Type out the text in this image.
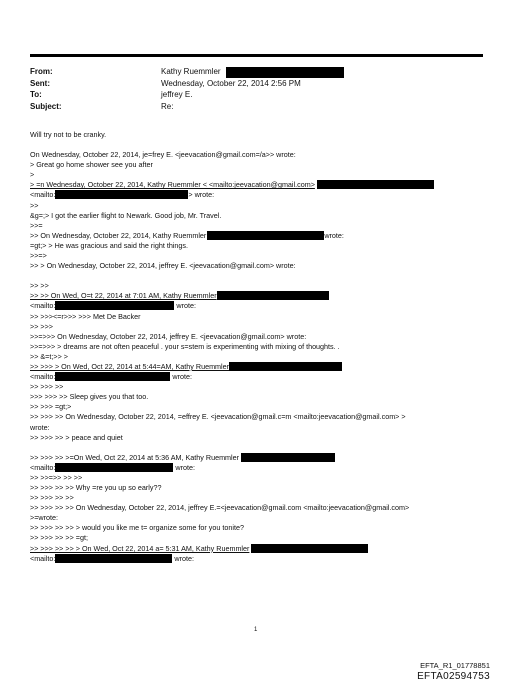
From:	Kathy Ruemmler
Sent:	Wednesday, October 22, 2014 2:56 PM
To:	jeffrey E.
Subject:	Re:
Will try not to be cranky.
On Wednesday, October 22, 2014, je=frey E. <jeevacation@gmail.com=/a>> wrote:
> Great go home shower see you after
>
> =n Wednesday, October 22, 2014, Kathy Ruemmler < <mailto:jeevacation@gmail.com>
<mailto:	> wrote:
>>
&g=;> I got the earlier flight to Newark. Good job, Mr. Travel.
>>=
>> On Wednesday, October 22, 2014, Kathy Ruemmler	wrote:
=gt;> > He was gracious and said the right things.
>>=>
>> > On Wednesday, October 22, 2014, jeffrey E. <jeevacation@gmail.com> wrote:
>> >>
>> >> On Wed, O=t 22, 2014 at 7:01 AM, Kathy Ruemmler
<mailto:	wrote:
>> >>><=r>>> >>> Met De Backer
>> >>>
>>=>>> On Wednesday, October 22, 2014, jeffrey E. <jeevacation@gmail.com> wrote:
>>=>>> > dreams are not often peaceful . your s=stem is experimenting with mixing of thoughts. .
>> &=t;>> >
>> >>> > On Wed, Oct 22, 2014 at 5:44=AM, Kathy Ruemmler
<mailto:	wrote:
>> >>> >>
>>> >>> >> Sleep gives you that too.
>> >>> =gt;>
>> >>> >> On Wednesday, October 22, 2014, =effrey E. <jeevacation@gmail.c=m <mailto:jeevacation@gmail.com> >
wrote:
>> >>> >> > peace and quiet
>> >>> >> >=On Wed, Oct 22, 2014 at 5:36 AM, Kathy Ruemmler
<mailto:	wrote:
>> >>=>> >> >>
>> >>> >> >> Why =re you up so early??
>> >>> >> >>
>> >>> >> >> On Wednesday, October 22, 2014, jeffrey E.=<jeevacation@gmail.com <mailto:jeevacation@gmail.com>
>=wrote:
>> >>> >> >> > would you like me t= organize some for you tonite?
>> >>> >> >> =gt;
>> >>> >> >> > On Wed, Oct 22, 2014 a= 5:31 AM, Kathy Ruemmler
<mailto:	wrote:
1
EFTA_R1_01778851
EFTA02594753
